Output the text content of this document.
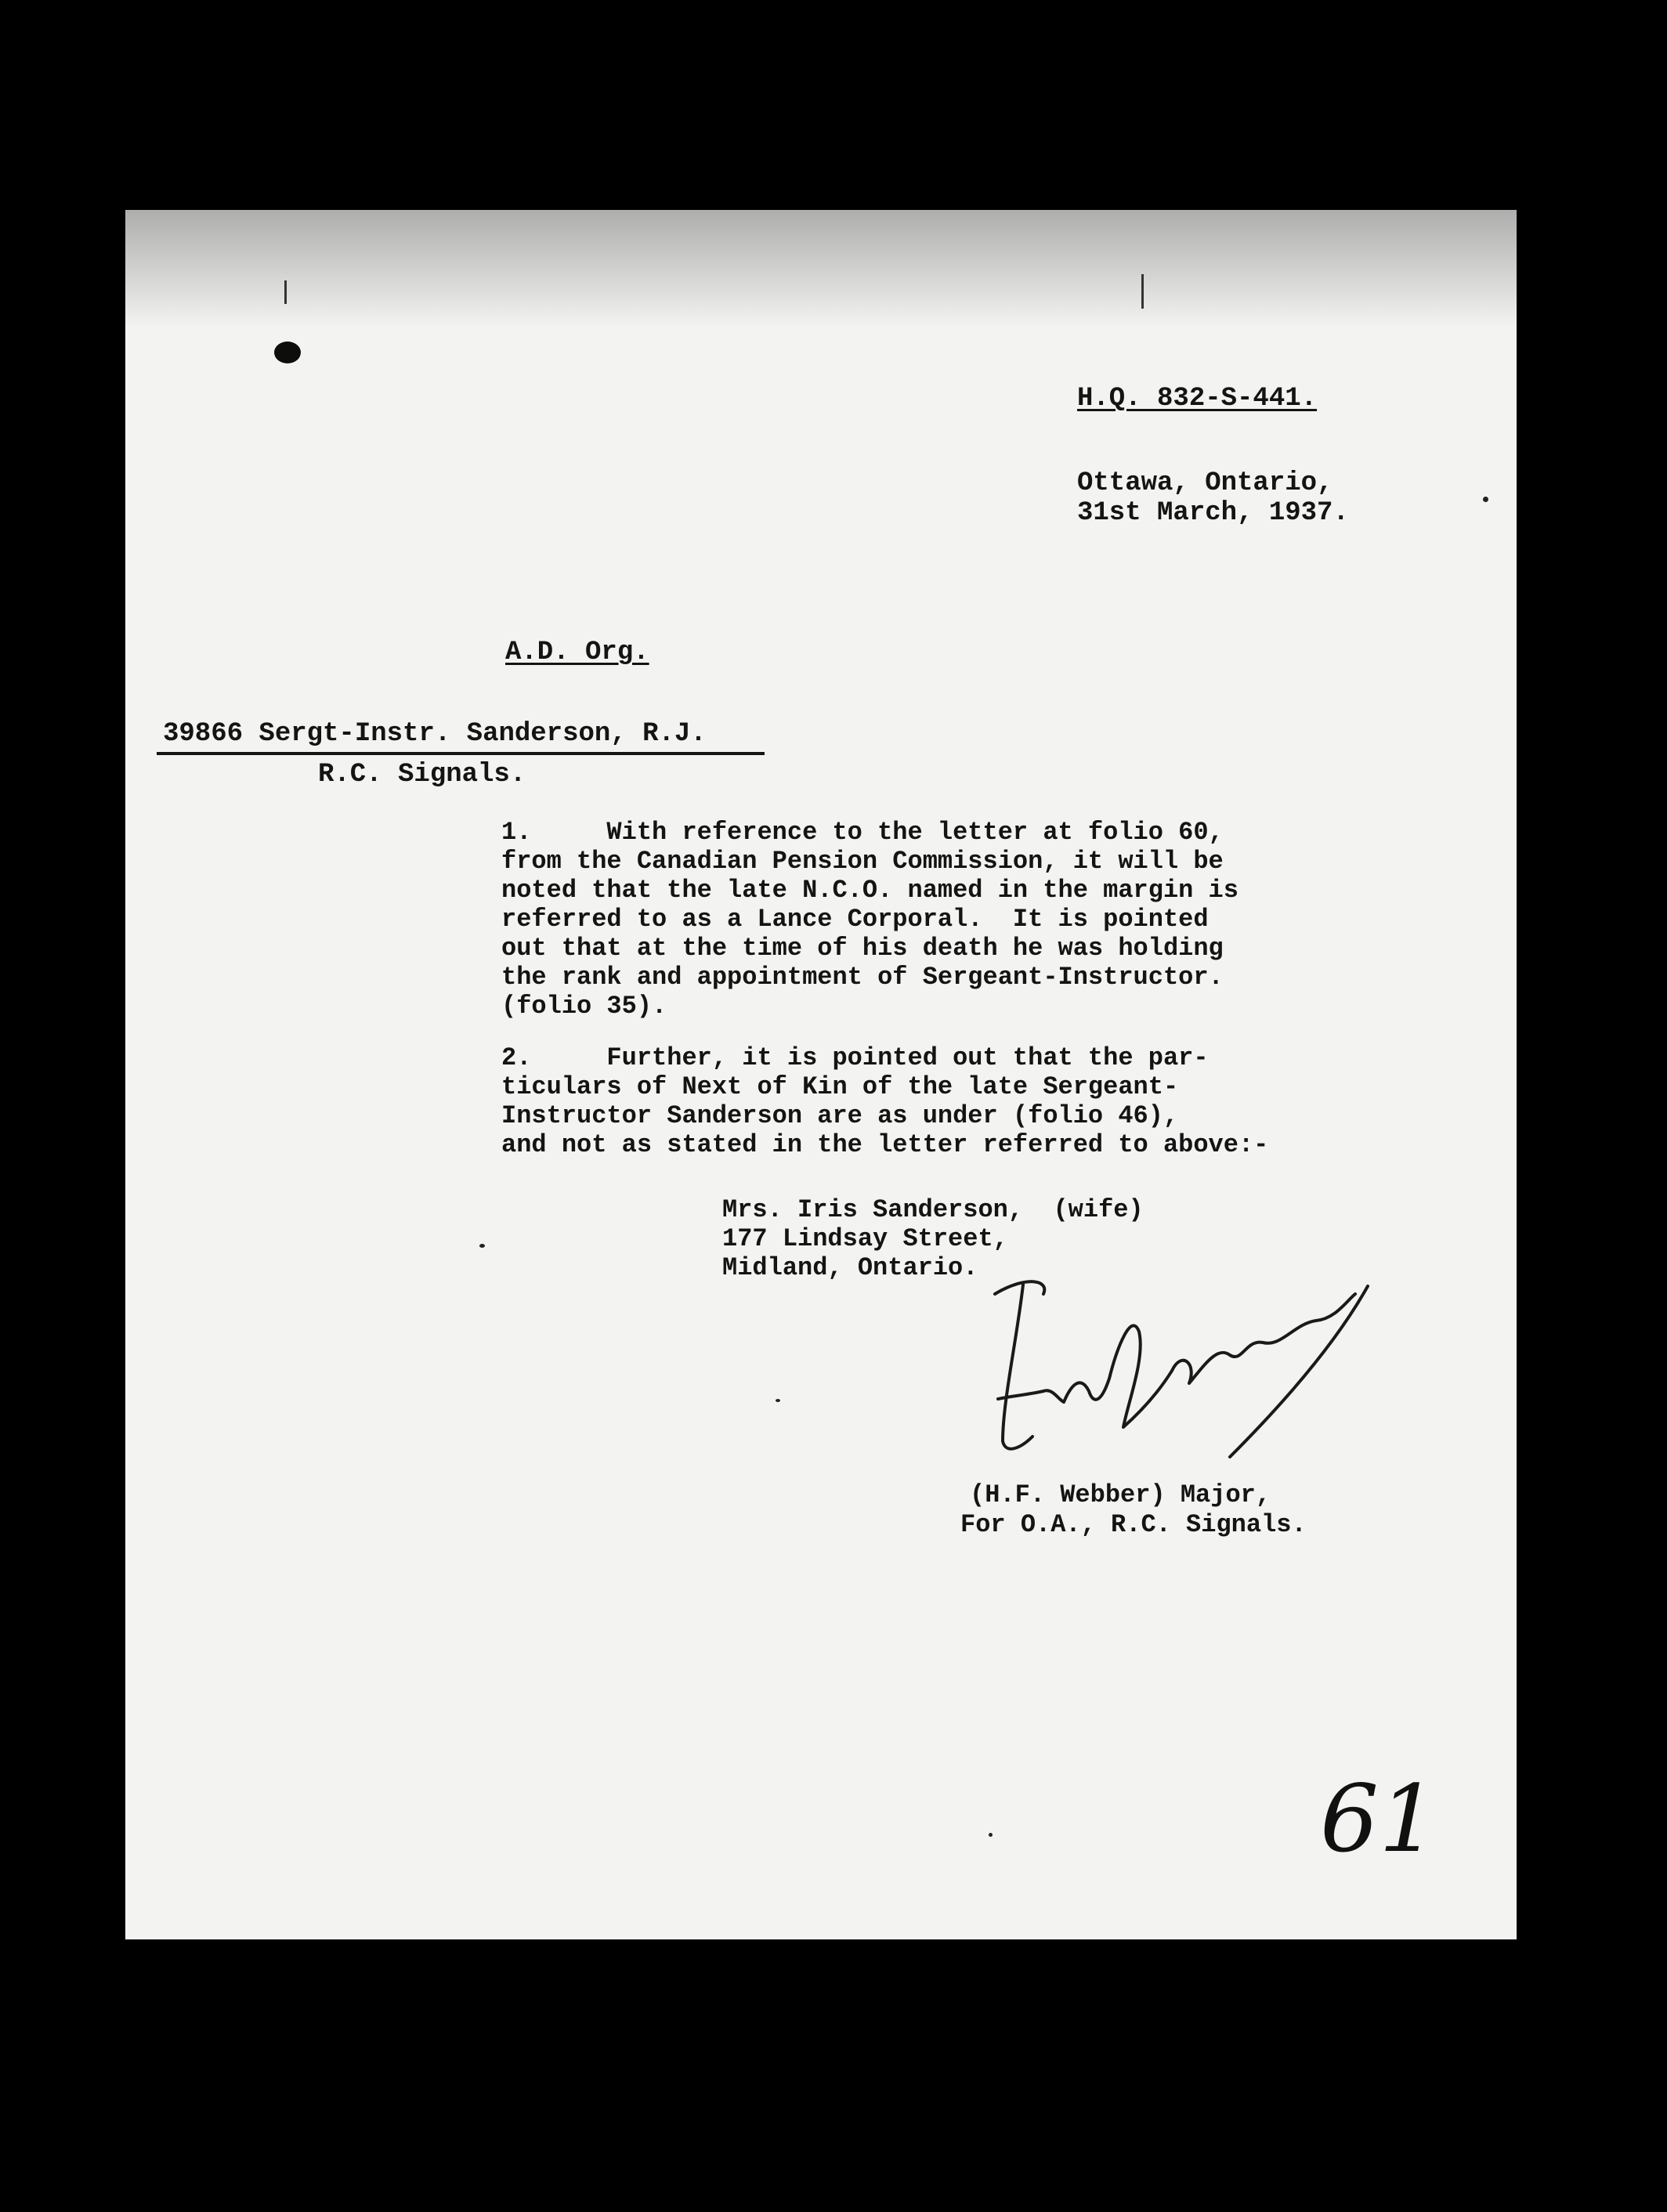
H.Q. 832-S-441.
Ottawa, Ontario,
31st March, 1937.
A.D. Org.
39866 Sergt-Instr. Sanderson, R.J.
R.C. Signals.
1.     With reference to the letter at folio 60,
from the Canadian Pension Commission, it will be
noted that the late N.C.O. named in the margin is
referred to as a Lance Corporal.  It is pointed
out that at the time of his death he was holding
the rank and appointment of Sergeant-Instructor.
(folio 35).
2.     Further, it is pointed out that the par-
ticulars of Next of Kin of the late Sergeant-
Instructor Sanderson are as under (folio 46),
and not as stated in the letter referred to above:-
Mrs. Iris Sanderson,  (wife)
177 Lindsay Street,
Midland, Ontario.
(H.F. Webber) Major,
For O.A., R.C. Signals.
61
